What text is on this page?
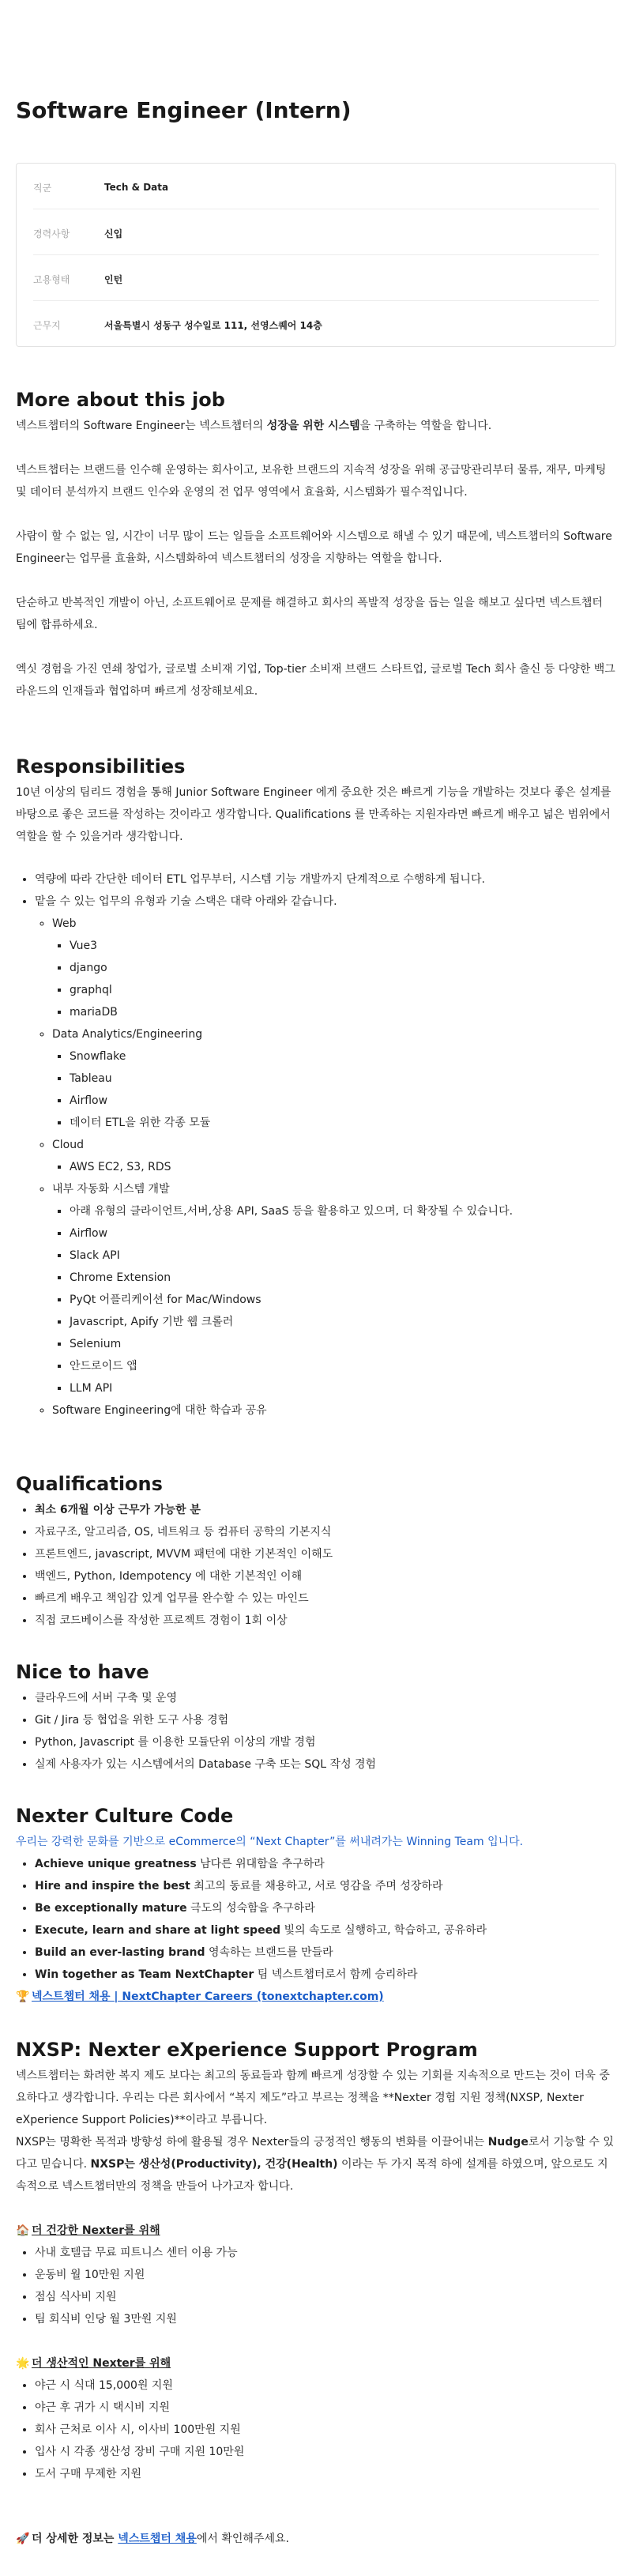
Software Engineer (Intern)
직군	Tech & Data
경력사항	신입
고용형태	인턴
근무지	서울특별시 성동구 성수일로 111, 선영스퀘어 14층
More about this job

넥스트챕터의 Software Engineer는 넥스트챕터의 성장을 위한 시스템을 구축하는 역할을 합니다.

넥스트챕터는 브랜드를 인수해 운영하는 회사이고, 보유한 브랜드의 지속적 성장을 위해 공급망관리부터 물류, 재무, 마케팅 및 데이터 분석까지 브랜드 인수와 운영의 전 업무 영역에서 효율화, 시스템화가 필수적입니다.

사람이 할 수 없는 일, 시간이 너무 많이 드는 일들을 소프트웨어와 시스템으로 해낼 수 있기 때문에, 넥스트챕터의 Software Engineer는 업무를 효율화, 시스템화하여 넥스트챕터의 성장을 지향하는 역할을 합니다.

단순하고 반복적인 개발이 아닌, 소프트웨어로 문제를 해결하고 회사의 폭발적 성장을 돕는 일을 해보고 싶다면 넥스트챕터 팀에 합류하세요.

엑싯 경험을 가진 연쇄 창업가, 글로벌 소비재 기업, Top-tier 소비재 브랜드 스타트업, 글로벌 Tech 회사 출신 등 다양한 백그라운드의 인재들과 협업하며 빠르게 성장해보세요.

Responsibilities

10년 이상의 팀리드 경험을 통해 Junior Software Engineer 에게 중요한 것은 빠르게 기능을 개발하는 것보다 좋은 설계를 바탕으로 좋은 코드를 작성하는 것이라고 생각합니다. Qualifications 를 만족하는 지원자라면 빠르게 배우고 넓은 범위에서 역할을 할 수 있을거라 생각합니다.

• 역량에 따라 간단한 데이터 ETL 업무부터, 시스템 기능 개발까지 단계적으로 수행하게 됩니다.
• 맡을 수 있는 업무의 유형과 기술 스택은 대략 아래와 같습니다.
◦ Web
▪ Vue3
▪ django
▪ graphql
▪ mariaDB
◦ Data Analytics/Engineering
▪ Snowflake
▪ Tableau
▪ Airflow
▪ 데이터 ETL을 위한 각종 모듈
◦ Cloud
▪ AWS EC2, S3, RDS
◦ 내부 자동화 시스템 개발
▪ 아래 유형의 클라이언트,서버,상용 API, SaaS 등을 활용하고 있으며, 더 확장될 수 있습니다.
▪ Airflow
▪ Slack API
▪ Chrome Extension
▪ PyQt 어플리케이션 for Mac/Windows
▪ Javascript, Apify 기반 웹 크롤러
▪ Selenium
▪ 안드로이드 앱
▪ LLM API
◦ Software Engineering에 대한 학습과 공유
Qualifications
• 최소 6개월 이상 근무가 가능한 분
• 자료구조, 알고리즘, OS, 네트워크 등 컴퓨터 공학의 기본지식
• 프론트엔드, javascript, MVVM 패턴에 대한 기본적인 이해도
• 백엔드, Python, Idempotency 에 대한 기본적인 이해
• 빠르게 배우고 책임감 있게 업무를 완수할 수 있는 마인드
• 직접 코드베이스를 작성한 프로젝트 경험이 1회 이상
Nice to have
• 클라우드에 서버 구축 및 운영
• Git / Jira 등 협업을 위한 도구 사용 경험
• Python, Javascript 를 이용한 모듈단위 이상의 개발 경험
• 실제 사용자가 있는 시스템에서의 Database 구축 또는 SQL 작성 경험
Nexter Culture Code

우리는 강력한 문화를 기반으로 eCommerce의 “Next Chapter”를 써내려가는 Winning Team 입니다.

• Achieve unique greatness 남다른 위대함을 추구하라
• Hire and inspire the best 최고의 동료를 채용하고, 서로 영감을 주며 성장하라
• Be exceptionally mature 극도의 성숙함을 추구하라
• Execute, learn and share at light speed 빛의 속도로 실행하고, 학습하고, 공유하라
• Build an ever-lasting brand 영속하는 브랜드를 만들라
• Win together as Team NextChapter 팀 넥스트챕터로서 함께 승리하라

🏆 넥스트챕터 채용 | NextChapter Careers (tonextchapter.com)

NXSP: Nexter eXperience Support Program

넥스트챕터는 화려한 복지 제도 보다는 최고의 동료들과 함께 빠르게 성장할 수 있는 기회를 지속적으로 만드는 것이 더욱 중요하다고 생각합니다. 우리는 다른 회사에서 “복지 제도”라고 부르는 정책을 **Nexter 경험 지원 정책(NXSP, Nexter eXperience Support Policies)**이라고 부릅니다.

NXSP는 명확한 목적과 방향성 하에 활용될 경우 Nexter들의 긍정적인 행동의 변화를 이끌어내는 Nudge로서 기능할 수 있다고 믿습니다. NXSP는 생산성(Productivity), 건강(Health) 이라는 두 가지 목적 하에 설계를 하였으며, 앞으로도 지속적으로 넥스트챕터만의 정책을 만들어 나가고자 합니다.

🏠 더 건강한 Nexter를 위해
• 사내 호텔급 무료 피트니스 센터 이용 가능
• 운동비 월 10만원 지원
• 점심 식사비 지원
• 팀 회식비 인당 월 3만원 지원
🌟 더 생산적인 Nexter를 위해
• 야근 시 식대 15,000원 지원
• 야근 후 귀가 시 택시비 지원
• 회사 근처로 이사 시, 이사비 100만원 지원
• 입사 시 각종 생산성 장비 구매 지원 10만원
• 도서 구매 무제한 지원

🚀 더 상세한 정보는 넥스트챕터 채용에서 확인해주세요.
